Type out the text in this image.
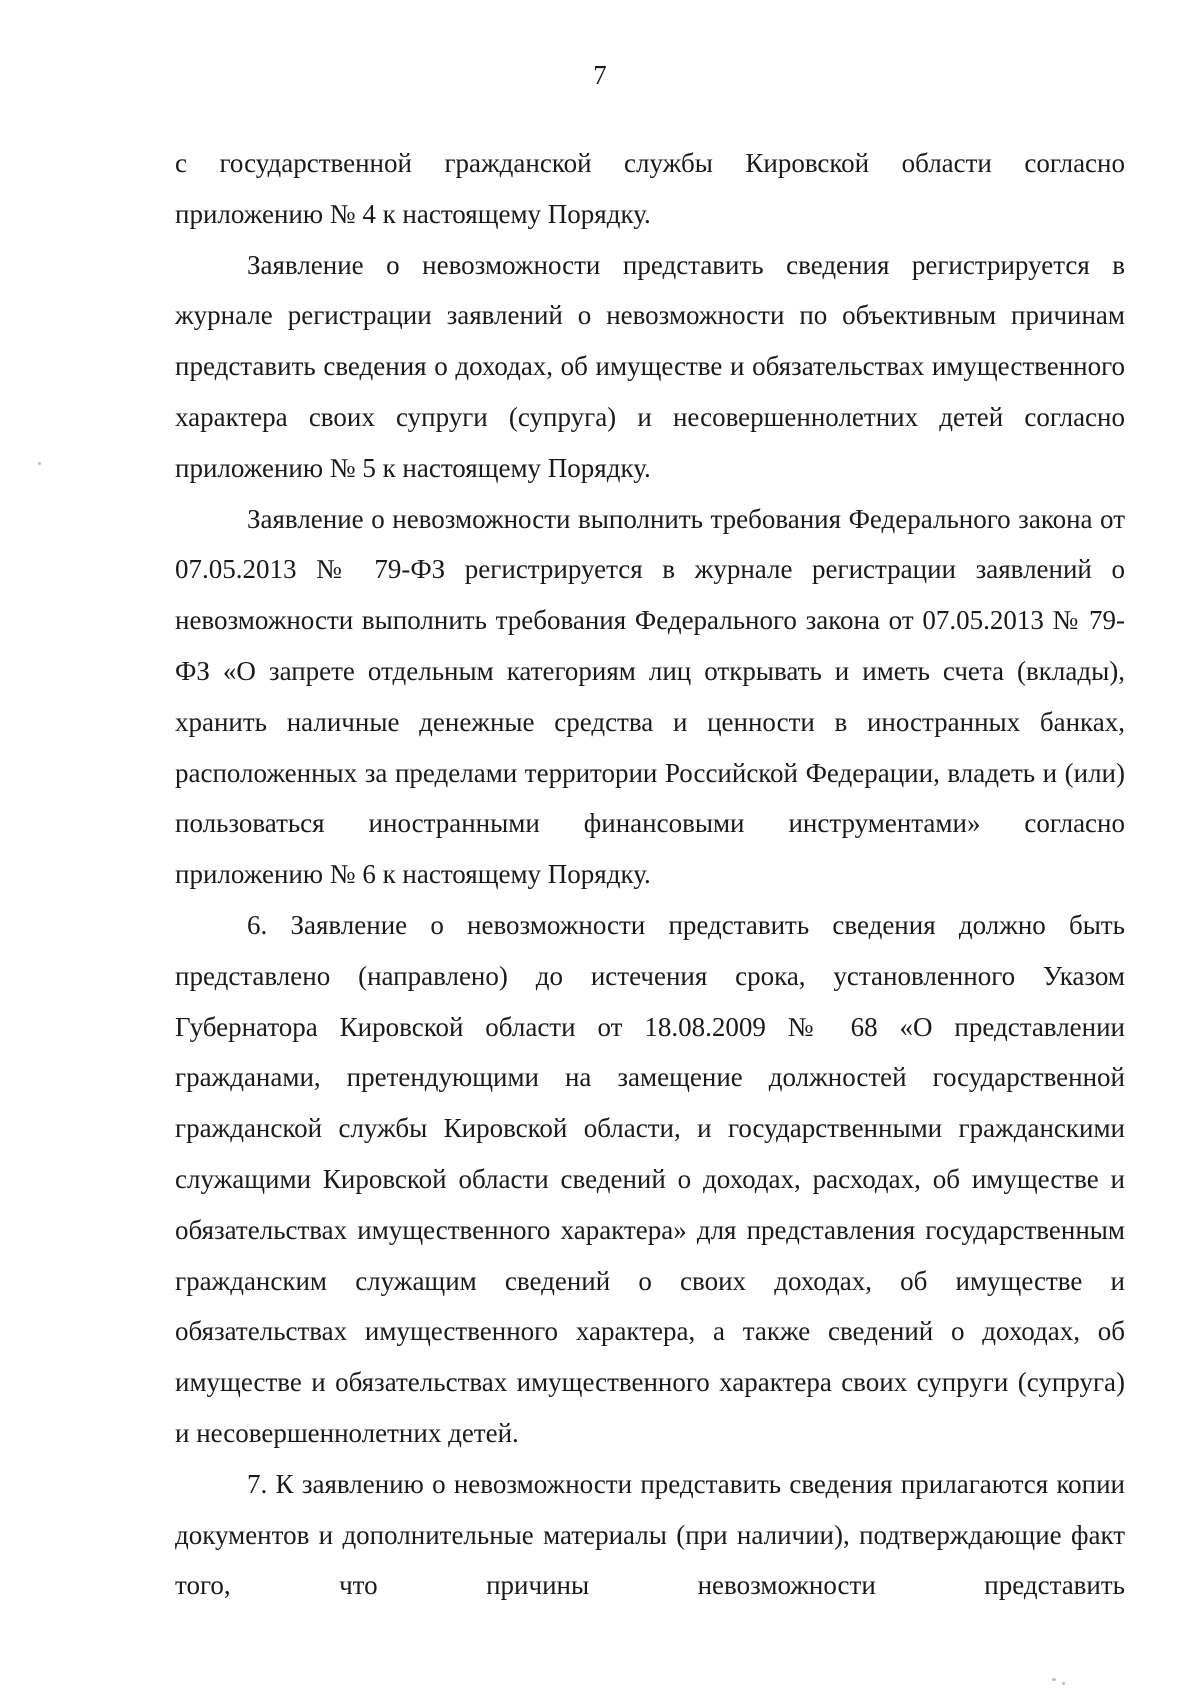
7

с государственной гражданской службы Кировской области согласно приложению № 4 к настоящему Порядку.

Заявление о невозможности представить сведения регистрируется в журнале регистрации заявлений о невозможности по объективным причинам представить сведения о доходах, об имуществе и обязательствах имущественного характера своих супруги (супруга) и несовершеннолетних детей согласно приложению № 5 к настоящему Порядку.

Заявление о невозможности выполнить требования Федерального закона от 07.05.2013 № 79-ФЗ регистрируется в журнале регистрации заявлений о невозможности выполнить требования Федерального закона от 07.05.2013 № 79-ФЗ «О запрете отдельным категориям лиц открывать и иметь счета (вклады), хранить наличные денежные средства и ценности в иностранных банках, расположенных за пределами территории Российской Федерации, владеть и (или) пользоваться иностранными финансовыми инструментами» согласно приложению № 6 к настоящему Порядку.

6. Заявление о невозможности представить сведения должно быть представлено (направлено) до истечения срока, установленного Указом Губернатора Кировской области от 18.08.2009 № 68 «О представлении гражданами, претендующими на замещение должностей государственной гражданской службы Кировской области, и государственными гражданскими служащими Кировской области сведений о доходах, расходах, об имуществе и обязательствах имущественного характера» для представления государственным гражданским служащим сведений о своих доходах, об имуществе и обязательствах имущественного характера, а также сведений о доходах, об имуществе и обязательствах имущественного характера своих супруги (супруга) и несовершеннолетних детей.

7. К заявлению о невозможности представить сведения прилагаются копии документов и дополнительные материалы (при наличии), подтверждающие факт того, что причины невозможности представить
